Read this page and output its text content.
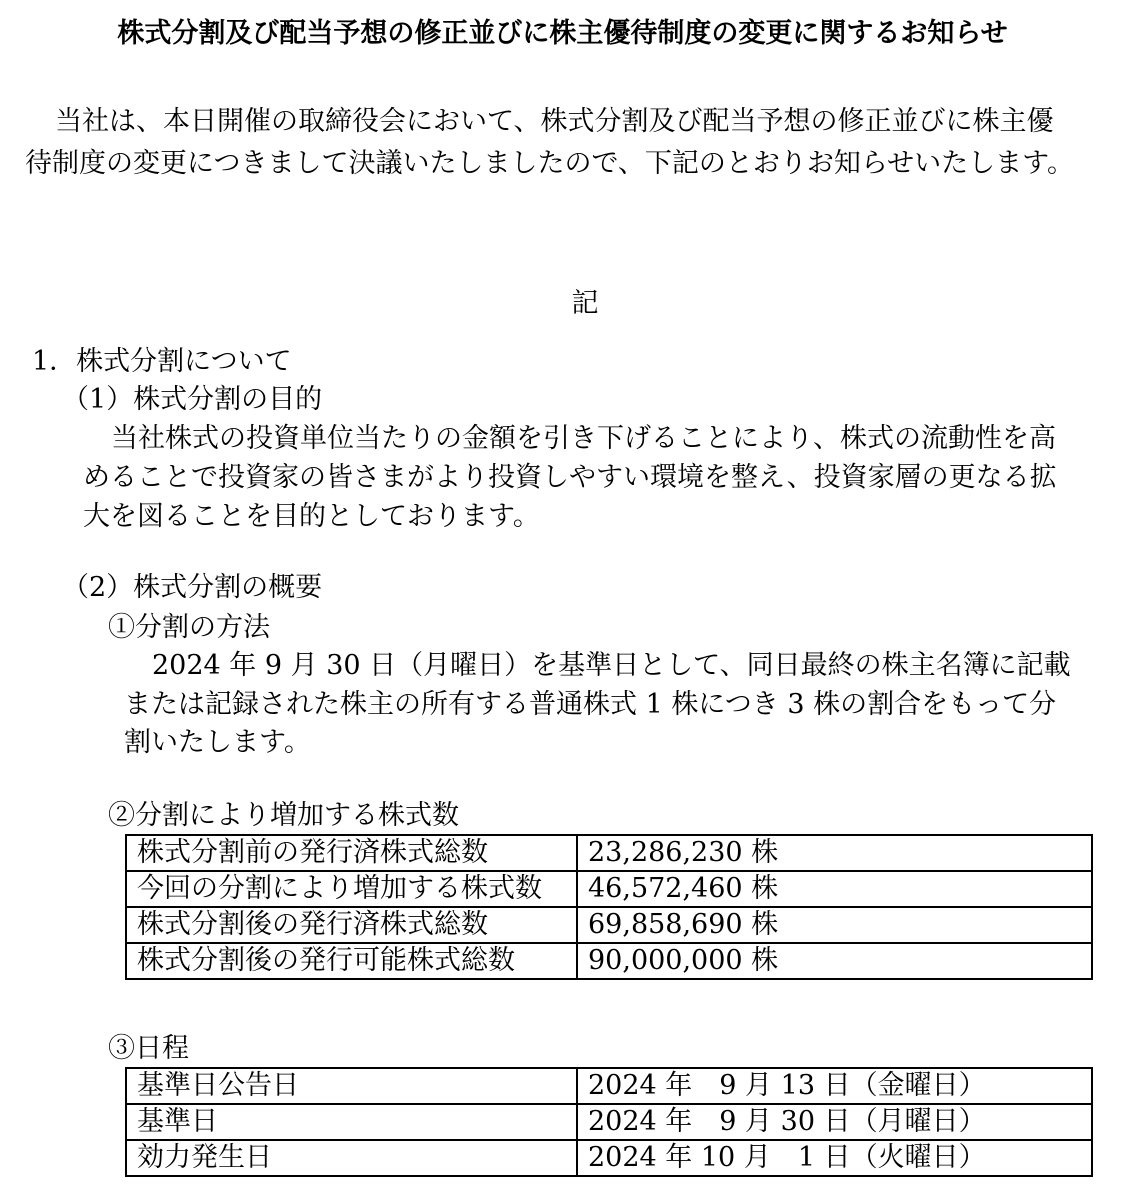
株式分割及び配当予想の修正並びに株主優待制度の変更に関するお知らせ

当社は、本日開催の取締役会において、株式分割及び配当予想の修正並びに株主優

待制度の変更につきまして決議いたしましたので、下記のとおりお知らせいたします。

記

1．株式分割について

（1）株式分割の目的

当社株式の投資単位当たりの金額を引き下げることにより、株式の流動性を高

めることで投資家の皆さまがより投資しやすい環境を整え、投資家層の更なる拡

大を図ることを目的としております。

（2）株式分割の概要

①分割の方法

2024 年 9 月 30 日（月曜日）を基準日として、同日最終の株主名簿に記載

または記録された株主の所有する普通株式 1 株につき 3 株の割合をもって分

割いたします。

②分割により増加する株式数

株式分割前の発行済株式総数	23,286,230 株
今回の分割により増加する株式数	46,572,460 株
株式分割後の発行済株式総数	69,858,690 株
株式分割後の発行可能株式総数	90,000,000 株

③日程

基準日公告日	2024 年　9 月 13 日（金曜日）
基準日	2024 年　9 月 30 日（月曜日）
効力発生日	2024 年 10 月　1 日（火曜日）
